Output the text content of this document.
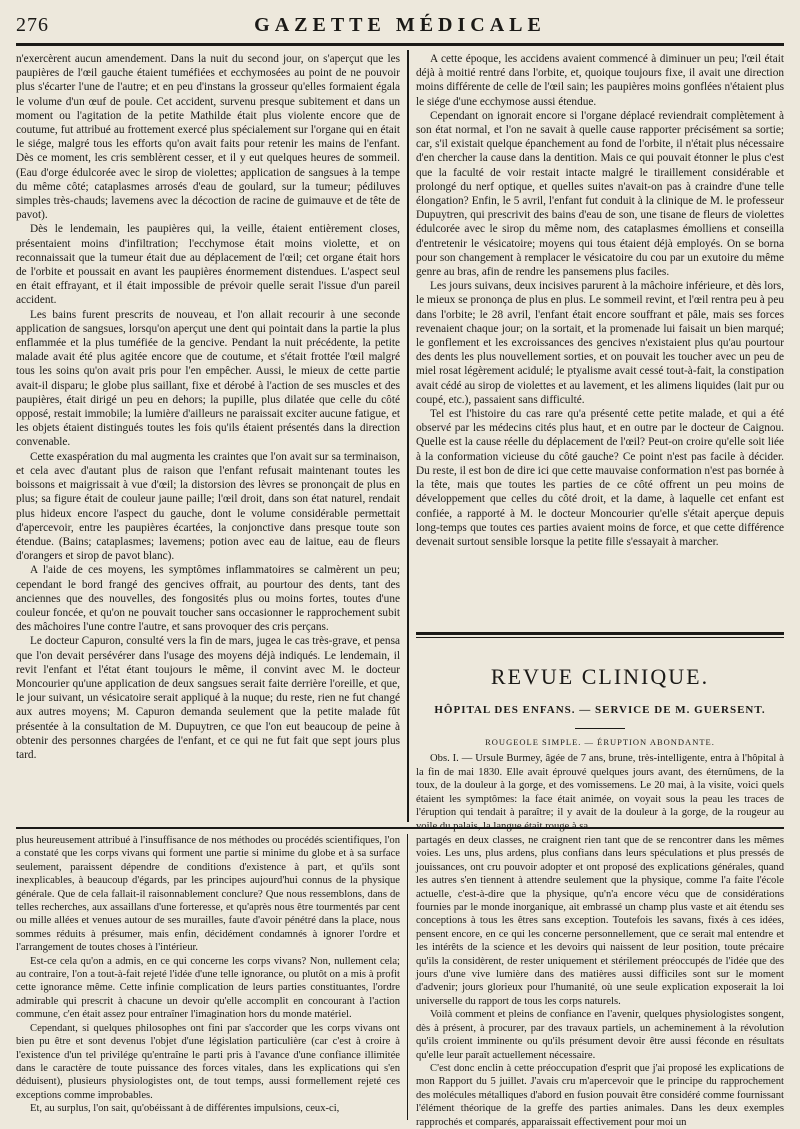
276	GAZETTE MÉDICALE

n'exercèrent aucun amendement. Dans la nuit du second jour, on s'aperçut que les paupières de l'œil gauche étaient tuméfiées et ecchymosées au point de ne pouvoir plus s'écarter l'une de l'autre; et en peu d'instans la grosseur qu'elles formaient égala le volume d'un œuf de poule. Cet accident, survenu presque subitement et dans un moment ou l'agitation de la petite Mathilde était plus violente encore que de coutume, fut attribué au frottement exercé plus spécialement sur l'organe qui en était le siége, malgré tous les efforts qu'on avait faits pour retenir les mains de l'enfant. Dès ce moment, les cris semblèrent cesser, et il y eut quelques heures de sommeil. (Eau d'orge édulcorée avec le sirop de violettes; application de sangsues à la tempe du même côté; cataplasmes arrosés d'eau de goulard, sur la tumeur; pédiluves simples très-chauds; lavemens avec la décoction de racine de guimauve et de tête de pavot).

Dès le lendemain, les paupières qui, la veille, étaient entièrement closes, présentaient moins d'infiltration; l'ecchymose était moins violette, et on reconnaissait que la tumeur était due au déplacement de l'œil; cet organe était hors de l'orbite et poussait en avant les paupières énormement distendues. L'aspect seul en était effrayant, et il était impossible de prévoir quelle serait l'issue d'un pareil accident.

Les bains furent prescrits de nouveau, et l'on allait recourir à une seconde application de sangsues, lorsqu'on aperçut une dent qui pointait dans la partie la plus enflammée et la plus tuméfiée de la gencive. Pendant la nuit précédente, la petite malade avait été plus agitée encore que de coutume, et s'était frottée l'œil malgré tous les soins qu'on avait pris pour l'en empêcher. Aussi, le mieux de cette partie avait-il disparu; le globe plus saillant, fixe et dérobé à l'action de ses muscles et des paupières, était dirigé un peu en dehors; la pupille, plus dilatée que celle du côté opposé, restait immobile; la lumière d'ailleurs ne paraissait exciter aucune fatigue, et les objets étaient distingués toutes les fois qu'ils étaient présentés dans la direction convenable.

Cette exaspération du mal augmenta les craintes que l'on avait sur sa terminaison, et cela avec d'autant plus de raison que l'enfant refusait maintenant toutes les boissons et maigrissait à vue d'œil; la distorsion des lèvres se prononçait de plus en plus; sa figure était de couleur jaune paille; l'œil droit, dans son état naturel, rendait plus hideux encore l'aspect du gauche, dont le volume considérable permettait d'apercevoir, entre les paupières écartées, la conjonctive dans presque toute son étendue. (Bains; cataplasmes; lavemens; potion avec eau de laitue, eau de fleurs d'orangers et sirop de pavot blanc).

A l'aide de ces moyens, les symptômes inflammatoires se calmèrent un peu; cependant le bord frangé des gencives offrait, au pourtour des dents, tant des anciennes que des nouvelles, des fongosités plus ou moins fortes, toutes d'une couleur foncée, et qu'on ne pouvait toucher sans occasionner le rapprochement subit des mâchoires l'une contre l'autre, et sans provoquer des cris perçans.

Le docteur Capuron, consulté vers la fin de mars, jugea le cas très-grave, et pensa que l'on devait persévérer dans l'usage des moyens déjà indiqués. Le lendemain, il revit l'enfant et l'état étant toujours le même, il convint avec M. le docteur Moncourier qu'une application de deux sangsues serait faite derrière l'oreille, et que, le jour suivant, un vésicatoire serait appliqué à la nuque; du reste, rien ne fut changé aux autres moyens; M. Capuron demanda seulement que la petite malade fût présentée à la consultation de M. Dupuytren, ce que l'on eut beaucoup de peine à obtenir des personnes chargées de l'enfant, et ce qui ne fut fait que sept jours plus tard.

A cette époque, les accidens avaient commencé à diminuer un peu; l'œil était déjà à moitié rentré dans l'orbite, et, quoique toujours fixe, il avait une direction moins différente de celle de l'œil sain; les paupières moins gonflées n'étaient plus le siége d'une ecchymose aussi étendue.

Cependant on ignorait encore si l'organe déplacé reviendrait complètement à son état normal, et l'on ne savait à quelle cause rapporter précisément sa sortie; car, s'il existait quelque épanchement au fond de l'orbite, il n'était plus nécessaire d'en chercher la cause dans la dentition. Mais ce qui pouvait étonner le plus c'est que la faculté de voir restait intacte malgré le tiraillement considérable et prolongé du nerf optique, et quelles suites n'avait-on pas à craindre d'une telle élongation? Enfin, le 5 avril, l'enfant fut conduit à la clinique de M. le professeur Dupuytren, qui prescrivit des bains d'eau de son, une tisane de fleurs de violettes édulcorée avec le sirop du même nom, des cataplasmes émolliens et conseilla d'entretenir le vésicatoire; moyens qui tous étaient déjà employés. On se borna pour son changement à remplacer le vésicatoire du cou par un exutoire du même genre au bras, afin de rendre les pansemens plus faciles.

Les jours suivans, deux incisives parurent à la mâchoire inférieure, et dès lors, le mieux se prononça de plus en plus. Le sommeil revint, et l'œil rentra peu à peu dans l'orbite; le 28 avril, l'enfant était encore souffrant et pâle, mais ses forces revenaient chaque jour; on la sortait, et la promenade lui faisait un bien marqué; le gonflement et les excroissances des gencives n'existaient plus qu'au pourtour des dents les plus nouvellement sorties, et on pouvait les toucher avec un peu de miel rosat légèrement acidulé; le ptyalisme avait cessé tout-à-fait, la constipation avait cédé au sirop de violettes et au lavement, et les alimens liquides (lait pur ou coupé, etc.), passaient sans difficulté.

Tel est l'histoire du cas rare qu'a présenté cette petite malade, et qui a été observé par les médecins cités plus haut, et en outre par le docteur de Caignou. Quelle est la cause réelle du déplacement de l'œil? Peut-on croire qu'elle soit liée à la conformation vicieuse du côté gauche? Ce point n'est pas facile à décider. Du reste, il est bon de dire ici que cette mauvaise conformation n'est pas bornée à la tête, mais que toutes les parties de ce côté offrent un peu moins de développement que celles du côté droit, et la dame, à laquelle cet enfant est confiée, a rapporté à M. le docteur Moncourier qu'elle s'était aperçue depuis long-temps que toutes ces parties avaient moins de force, et que cette différence devenait surtout sensible lorsque la petite fille s'essayait à marcher.

REVUE CLINIQUE.
HÔPITAL DES ENFANS. — SERVICE DE M. GUERSENT.
ROUGEOLE SIMPLE. — ÉRUPTION ABONDANTE.

Obs. I. — Ursule Burmey, âgée de 7 ans, brune, très-intelligente, entra à l'hôpital à la fin de mai 1830. Elle avait éprouvé quelques jours avant, des éternûmens, de la toux, de la douleur à la gorge, et des vomissemens. Le 20 mai, à la visite, voici quels étaient les symptômes: la face était animée, on voyait sous la peau les traces de l'éruption qui tendait à paraître; il y avait de la douleur à la gorge, de la rougeur au

plus heureusement attribué à l'insuffisance de nos méthodes ou procédés scientifiques, l'on a constaté que les corps vivans qui forment une partie si minime du globe et à sa surface seulement, paraissent dépendre de conditions d'existence à part, et qu'ils sont inexplicables, à beaucoup d'égards, par les principes aujourd'hui connus de la physique générale. Que de cela fallait-il raisonnablement conclure? Que nous ressemblons, dans de telles recherches, aux assaillans d'une forteresse, et qu'après nous être tourmentés par cent ou mille allées et venues autour de ses murailles, faute d'avoir pénétré dans la place, nous sommes réduits à présumer, mais enfin, décidément condamnés à ignorer l'ordre et l'arrangement de toutes choses à l'intérieur.

Est-ce cela qu'on a admis, en ce qui concerne les corps vivans? Non, nullement cela; au contraire, l'on a tout-à-fait rejeté l'idée d'une telle ignorance, ou plutôt on a mis à profit cette ignorance même. Cette infinie complication de leurs parties constituantes, l'ordre admirable qui prescrit à chacune un devoir qu'elle accomplit en concourant à l'action commune, c'en était assez pour entraîner l'imagination hors du monde matériel.

Cependant, si quelques philosophes ont fini par s'accorder que les corps vivans ont bien pu être et sont devenus l'objet d'une législation particulière (car c'est à croire à l'existence d'un tel privilége qu'entraîne le parti pris à l'avance d'une confiance illimitée dans le caractère de toute puissance des forces vitales, dans les explications qui s'en déduisent), plusieurs physiologistes ont, de tout temps, aussi formellement rejeté ces exceptions comme improbables.

Et, au surplus, l'on sait, qu'obéissant à de différentes impulsions, ceux-ci,

partagés en deux classes, ne craignent rien tant que de se rencontrer dans les mêmes voies. Les uns, plus ardens, plus confians dans leurs spéculations et plus pressés de jouissances, ont cru pouvoir adopter et ont proposé des explications générales, quand les autres s'en tiennent à attendre seulement que la physique, comme l'a faite l'école actuelle, c'est-à-dire que la physique, qu'n'a encore vécu que de considérations fournies par le monde inorganique, ait embrassé un champ plus vaste et ait étendu ses conceptions à tous les êtres sans exception. Toutefois les savans, fixés à ces idées, pensent encore, en ce qui les concerne personnellement, que ce serait mal entendre et les intérêts de la science et les devoirs qui naissent de leur position, toute précaire qu'ils la considèrent, de rester uniquement et stérilement préoccupés de l'idée que des jours d'une vive lumière dans des matières aussi difficiles sont sur le moment d'advenir; jours glorieux pour l'humanité, où une seule explication exposerait la loi universelle du rapport de tous les corps naturels.

Voilà comment et pleins de confiance en l'avenir, quelques physiologistes songent, dès à présent, à procurer, par des travaux partiels, un acheminement à la révolution qu'ils croient imminente ou qu'ils présument devoir être aussi féconde en résultats qu'elle leur paraît actuellement nécessaire.

C'est donc enclin à cette préoccupation d'esprit que j'ai proposé les explications de mon Rapport du 5 juillet. J'avais cru m'apercevoir que le principe du rapprochement des molécules métalliques d'abord en fusion pouvait être considéré comme fournissant l'élément théorique de la greffe des parties animales. Dans les deux exemples rapprochés et comparés, apparaissait effectivement pour moi un
